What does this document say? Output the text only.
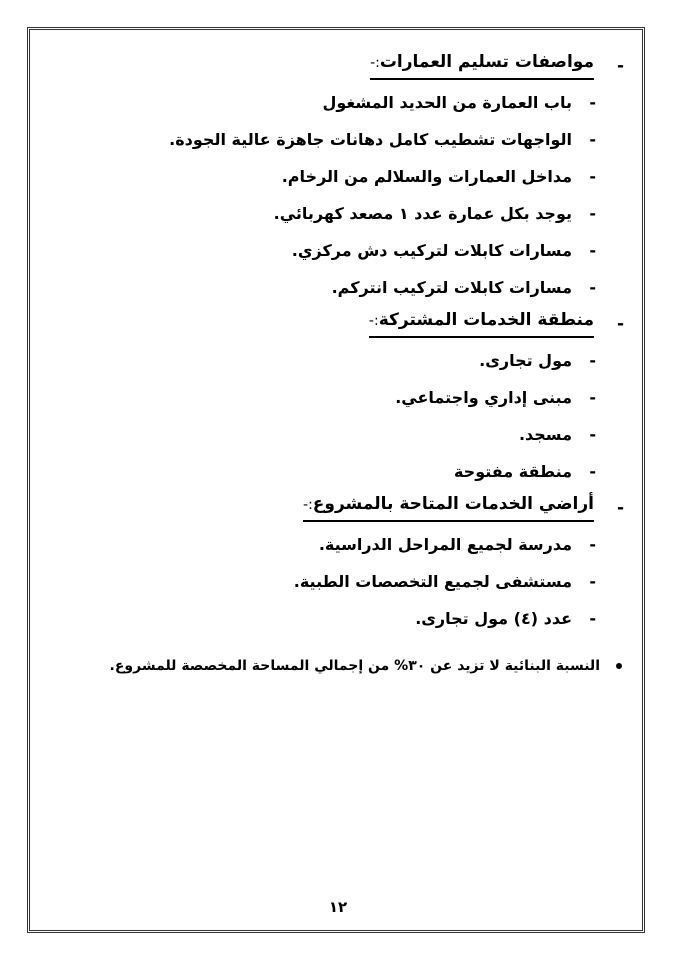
-
مواصفات تسليم العمارات:-
-
باب العمارة من الحديد المشغول
-
الواجهات تشطيب كامل دهانات جاهزة عالية الجودة.
-
مداخل العمارات والسلالم من الرخام.
-
يوجد بكل عمارة عدد ١ مصعد كهربائي.
-
مسارات كابلات لتركيب دش مركزي.
-
مسارات كابلات لتركيب انتركم.
-
منطقة الخدمات المشتركة:-
-
مول تجارى.
-
مبنى إداري واجتماعي.
-
مسجد.
-
منطقة مفتوحة
-
أراضي الخدمات المتاحة بالمشروع:-
-
مدرسة لجميع المراحل الدراسية.
-
مستشفى لجميع التخصصات الطبية.
-
عدد (٤) مول تجارى.
النسبة البنائية لا تزيد عن ٣٠% من إجمالي المساحة المخصصة للمشروع.
١٢
